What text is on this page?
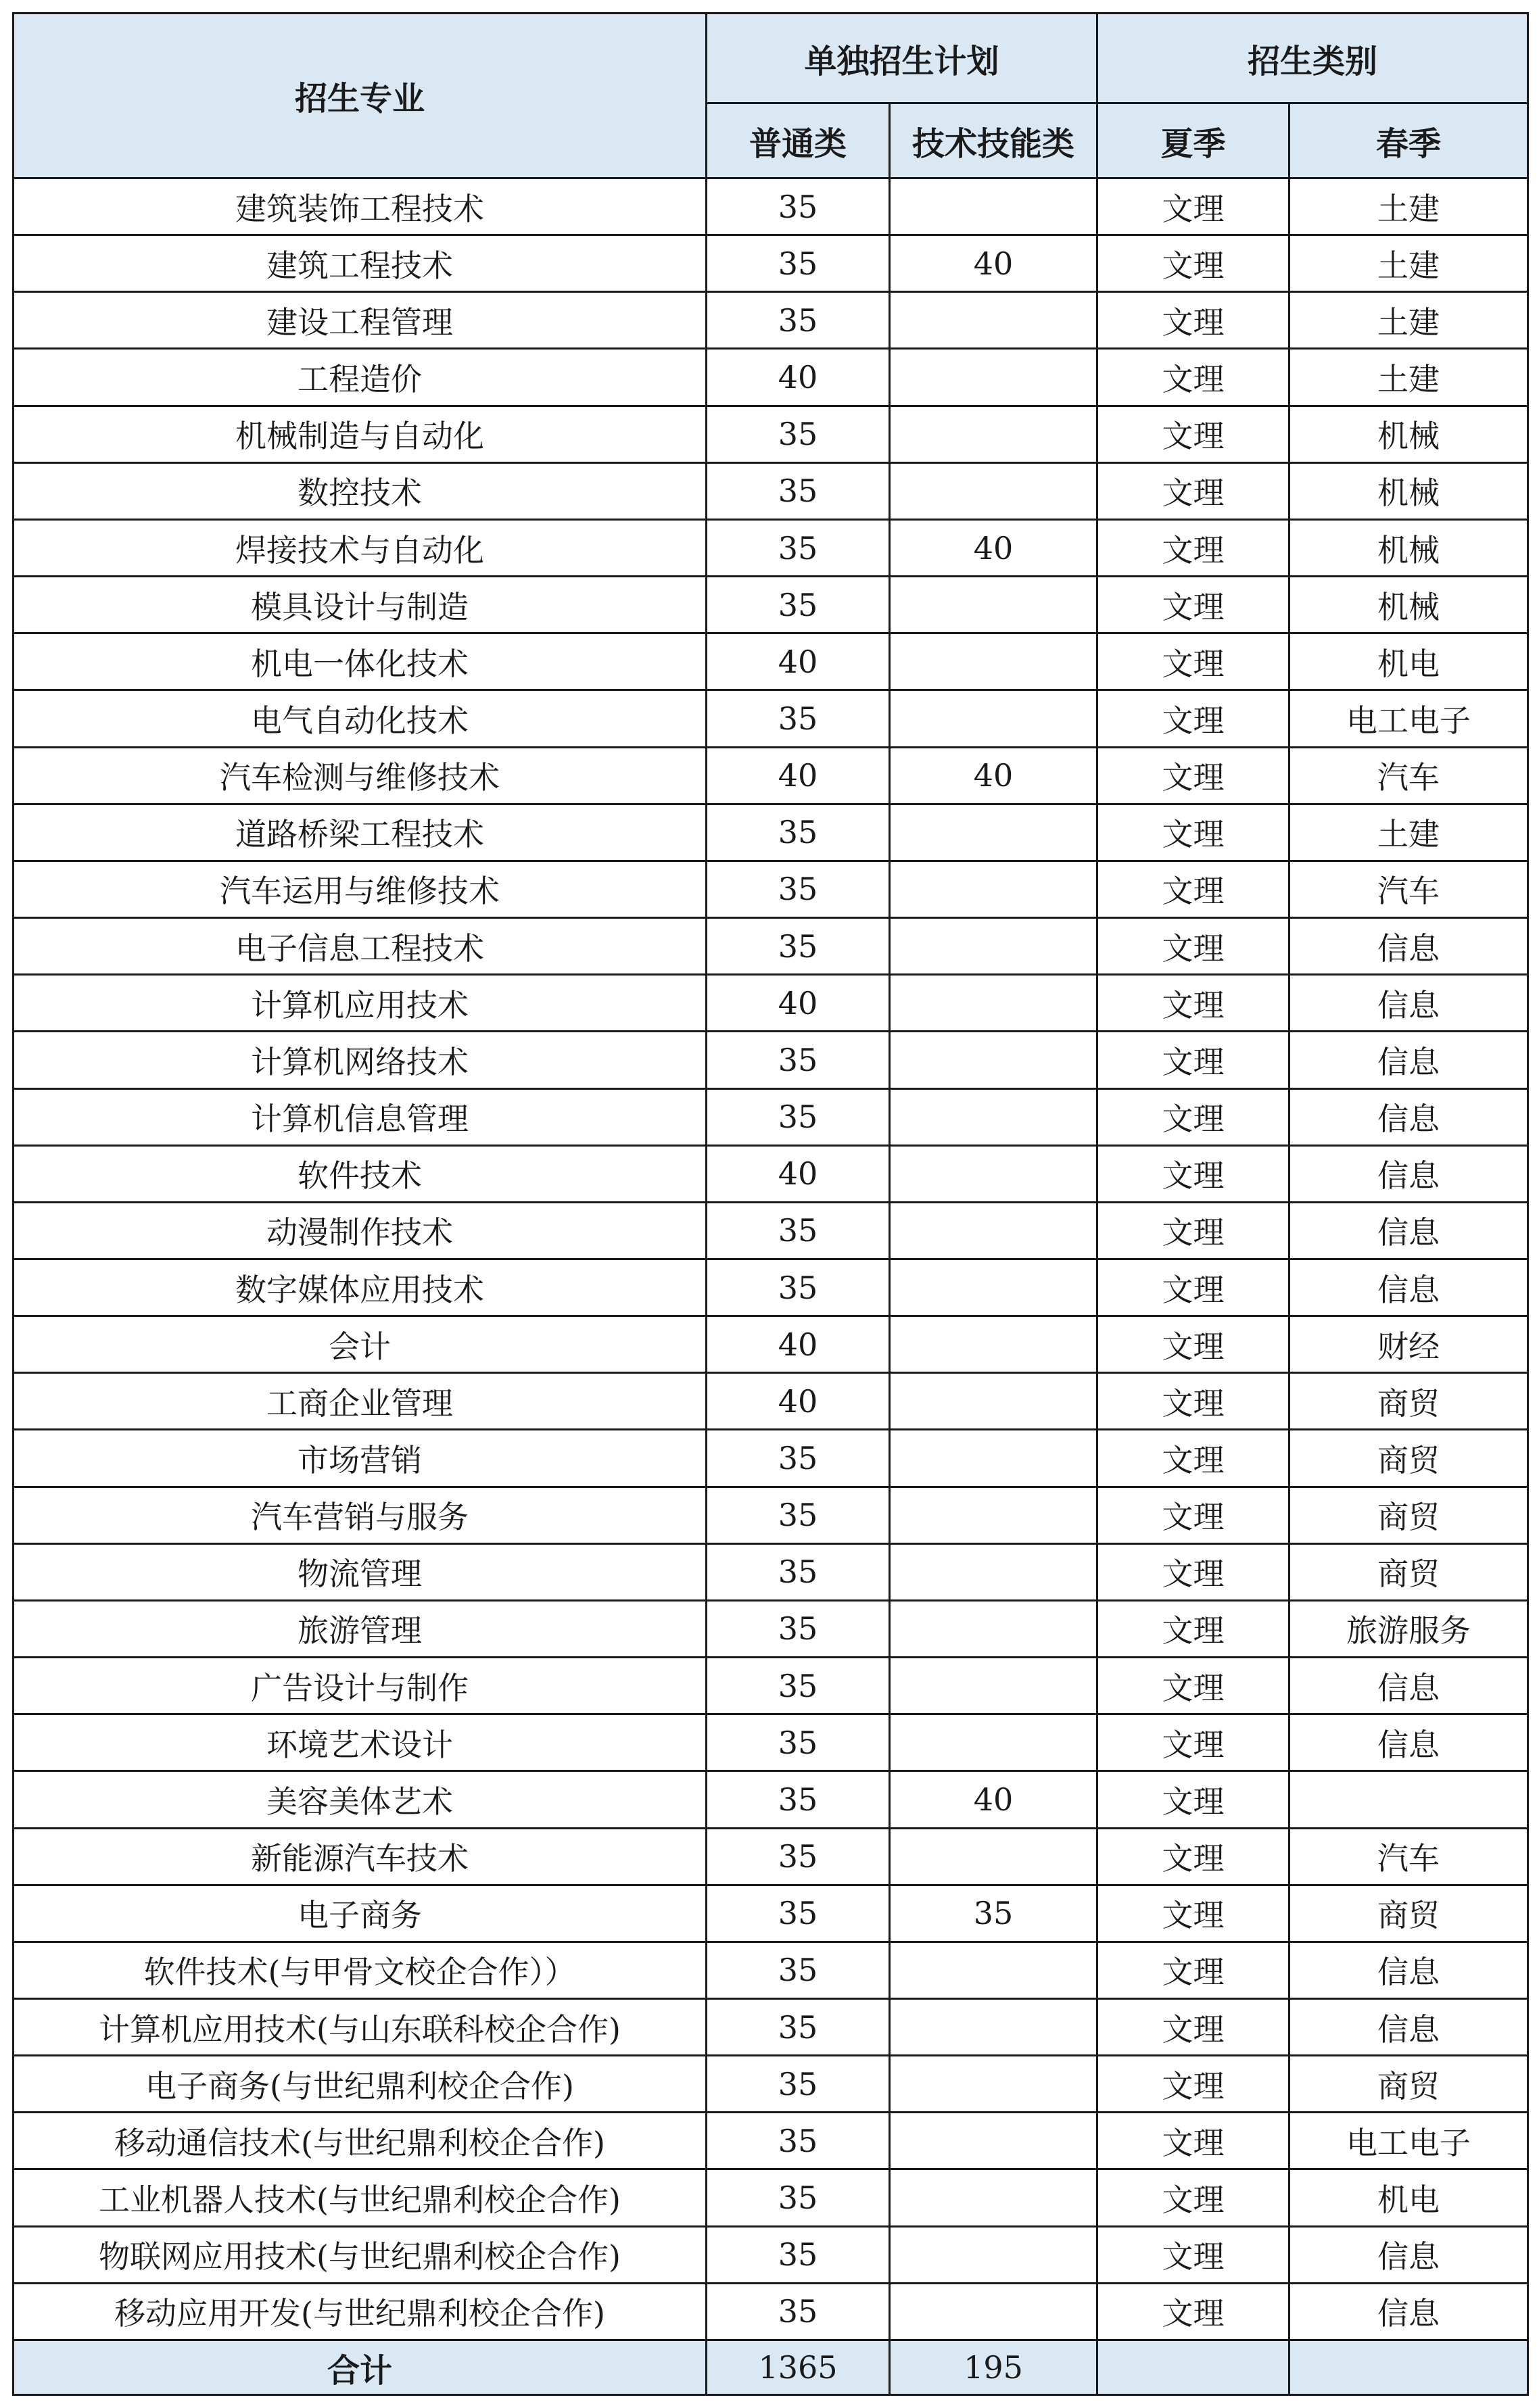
招生专业	单独招生计划		招生类别	
	普通类	技术技能类	夏季	春季
建筑装饰工程技术	35		文理	土建
建筑工程技术	35	40	文理	土建
建设工程管理	35		文理	土建
工程造价	40		文理	土建
机械制造与自动化	35		文理	机械
数控技术	35		文理	机械
焊接技术与自动化	35	40	文理	机械
模具设计与制造	35		文理	机械
机电一体化技术	40		文理	机电
电气自动化技术	35		文理	电工电子
汽车检测与维修技术	40	40	文理	汽车
道路桥梁工程技术	35		文理	土建
汽车运用与维修技术	35		文理	汽车
电子信息工程技术	35		文理	信息
计算机应用技术	40		文理	信息
计算机网络技术	35		文理	信息
计算机信息管理	35		文理	信息
软件技术	40		文理	信息
动漫制作技术	35		文理	信息
数字媒体应用技术	35		文理	信息
会计	40		文理	财经
工商企业管理	40		文理	商贸
市场营销	35		文理	商贸
汽车营销与服务	35		文理	商贸
物流管理	35		文理	商贸
旅游管理	35		文理	旅游服务
广告设计与制作	35		文理	信息
环境艺术设计	35		文理	信息
美容美体艺术	35	40	文理	
新能源汽车技术	35		文理	汽车
电子商务	35	35	文理	商贸
软件技术(与甲骨文校企合作））	35		文理	信息
计算机应用技术(与山东联科校企合作)	35		文理	信息
电子商务(与世纪鼎利校企合作)	35		文理	商贸
移动通信技术(与世纪鼎利校企合作)	35		文理	电工电子
工业机器人技术(与世纪鼎利校企合作)	35		文理	机电
物联网应用技术(与世纪鼎利校企合作)	35		文理	信息
移动应用开发(与世纪鼎利校企合作)	35		文理	信息
合计	1365	195		
